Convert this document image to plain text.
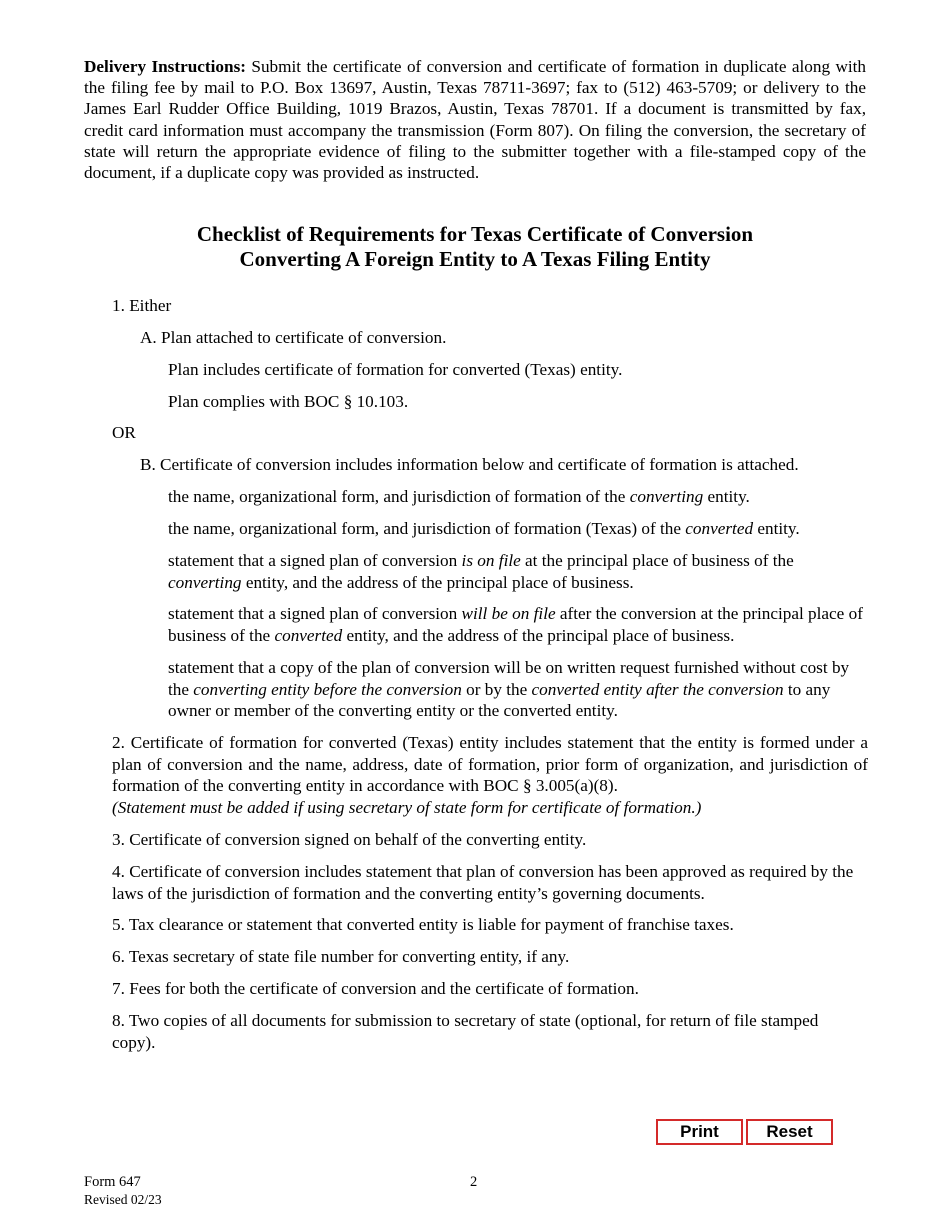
Delivery Instructions: Submit the certificate of conversion and certificate of formation in duplicate along with the filing fee by mail to P.O. Box 13697, Austin, Texas 78711-3697; fax to (512) 463-5709; or delivery to the James Earl Rudder Office Building, 1019 Brazos, Austin, Texas 78701. If a document is transmitted by fax, credit card information must accompany the transmission (Form 807). On filing the conversion, the secretary of state will return the appropriate evidence of filing to the submitter together with a file-stamped copy of the document, if a duplicate copy was provided as instructed.
Checklist of Requirements for Texas Certificate of Conversion
Converting A Foreign Entity to A Texas Filing Entity
1. Either
A. Plan attached to certificate of conversion.
Plan includes certificate of formation for converted (Texas) entity.
Plan complies with BOC § 10.103.
OR
B. Certificate of conversion includes information below and certificate of formation is attached.
the name, organizational form, and jurisdiction of formation of the converting entity.
the name, organizational form, and jurisdiction of formation (Texas) of the converted entity.
statement that a signed plan of conversion is on file at the principal place of business of the converting entity, and the address of the principal place of business.
statement that a signed plan of conversion will be on file after the conversion at the principal place of business of the converted entity, and the address of the principal place of business.
statement that a copy of the plan of conversion will be on written request furnished without cost by the converting entity before the conversion or by the converted entity after the conversion to any owner or member of the converting entity or the converted entity.
2. Certificate of formation for converted (Texas) entity includes statement that the entity is formed under a plan of conversion and the name, address, date of formation, prior form of organization, and jurisdiction of formation of the converting entity in accordance with BOC § 3.005(a)(8).
(Statement must be added if using secretary of state form for certificate of formation.)
3. Certificate of conversion signed on behalf of the converting entity.
4. Certificate of conversion includes statement that plan of conversion has been approved as required by the laws of the jurisdiction of formation and the converting entity’s governing documents.
5. Tax clearance or statement that converted entity is liable for payment of franchise taxes.
6. Texas secretary of state file number for converting entity, if any.
7. Fees for both the certificate of conversion and the certificate of formation.
8. Two copies of all documents for submission to secretary of state (optional, for return of file stamped copy).
Print	Reset
Form 647
Revised 02/23
2
